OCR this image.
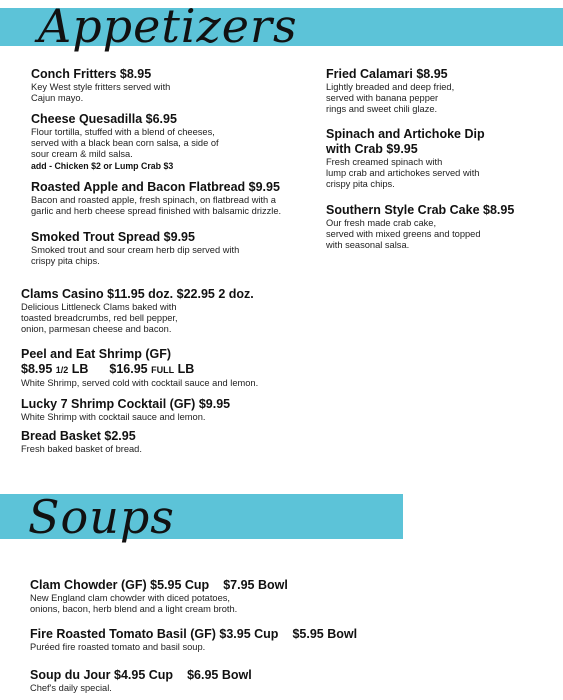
Appetizers
Soups
Conch Fritters $8.95
Key West style fritters served with
Cajun mayo.
Cheese Quesadilla $6.95
Flour tortilla, stuffed with a blend of cheeses,
served with a black bean corn salsa, a side of
sour cream & mild salsa.
add - Chicken $2 or Lump Crab $3
Roasted Apple and Bacon Flatbread $9.95
Bacon and roasted apple, fresh spinach, on flatbread with a
garlic and herb cheese spread finished with balsamic drizzle.
Smoked Trout Spread $9.95
Smoked trout and sour cream herb dip served with
crispy pita chips.
Clams Casino $11.95 doz. $22.95 2 doz.
Delicious Littleneck Clams baked with
toasted breadcrumbs, red bell pepper,
onion, parmesan cheese and bacon.
Peel and Eat Shrimp (GF)
$8.95 1/2 LB $16.95 FULL LB
White Shrimp, served cold with cocktail sauce and lemon.
Lucky 7 Shrimp Cocktail (GF) $9.95
White Shrimp with cocktail sauce and lemon.
Bread Basket $2.95
Fresh baked basket of bread.
Fried Calamari $8.95
Lightly breaded and deep fried,
served with banana pepper
rings and sweet chili glaze.
Spinach and Artichoke Dip
with Crab $9.95
Fresh creamed spinach with
lump crab and artichokes served with
crispy pita chips.
Southern Style Crab Cake $8.95
Our fresh made crab cake,
served with mixed greens and topped
with seasonal salsa.
Clam Chowder (GF) $5.95 Cup $7.95 Bowl
New England clam chowder with diced potatoes,
onions, bacon, herb blend and a light cream broth.
Fire Roasted Tomato Basil (GF) $3.95 Cup $5.95 Bowl
Puréed fire roasted tomato and basil soup.
Soup du Jour $4.95 Cup $6.95 Bowl
Chef's daily special.
